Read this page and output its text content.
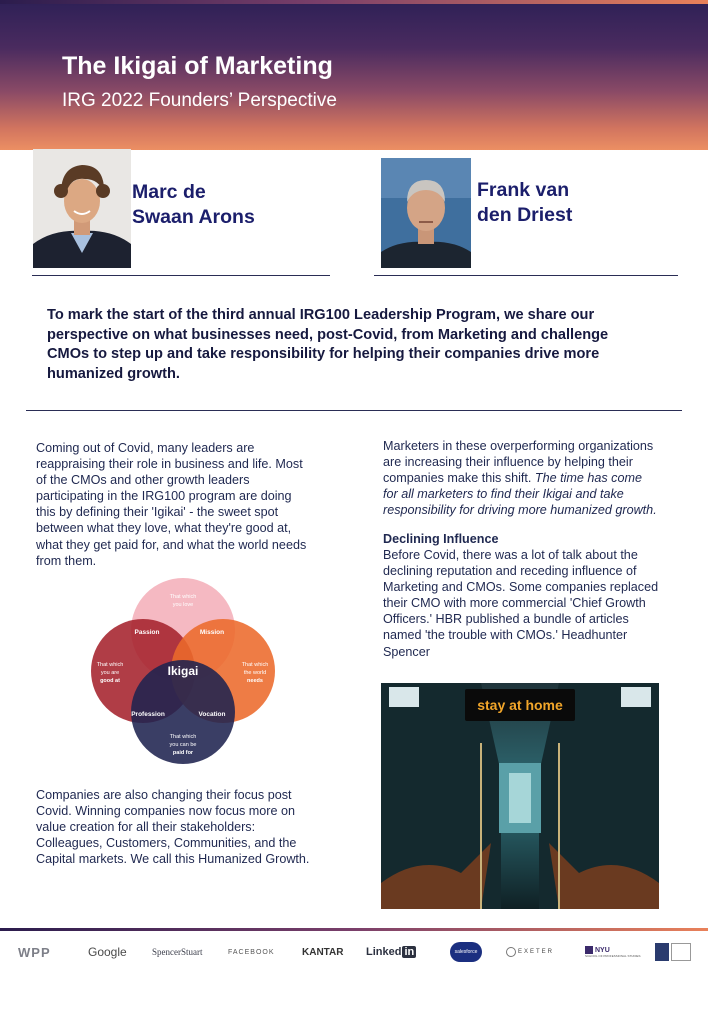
The Ikigai of Marketing
IRG 2022 Founders’ Perspective
Marc de
Swaan Arons
Frank van
den Driest
To mark the start of the third annual IRG100 Leadership Program, we share our
perspective on what businesses need, post-Covid, from Marketing and challenge
CMOs to step up and take responsibility for helping their companies drive more
humanized growth.
Coming out of Covid, many leaders are
reappraising their role in business and life. Most
of the CMOs and other growth leaders
participating in the IRG100 program are doing
this by defining their 'Igikai' - the sweet spot
between what they love, what they're good at,
what they get paid for, and what the world needs
from them.
Ikigai
Passion	Mission
Profession	Vocation
That which
you love
That which
you are
good at
That which
the world
needs
That which
you can be
paid for
Companies are also changing their focus post
Covid. Winning companies now focus more on
value creation for all their stakeholders:
Colleagues, Customers, Communities, and the
Capital markets. We call this Humanized Growth.
Marketers in these overperforming organizations
are increasing their influence by helping their
companies make this shift. The time has come
for all marketers to find their Ikigai and take
responsibility for driving more humanized growth.
Declining Influence
Before Covid, there was a lot of talk about the
declining reputation and receding influence of
Marketing and CMOs. Some companies replaced
their CMO with more commercial 'Chief Growth
Officers.' HBR published a bundle of articles
named 'the trouble with CMOs.' Headhunter
Spencer
stay at home
WPP	Google	SpencerStuart	FACEBOOK	KANTAR Linked in	salesforce	EXETER	NYU
SCHOOL OF PROFESSIONAL STUDIES
